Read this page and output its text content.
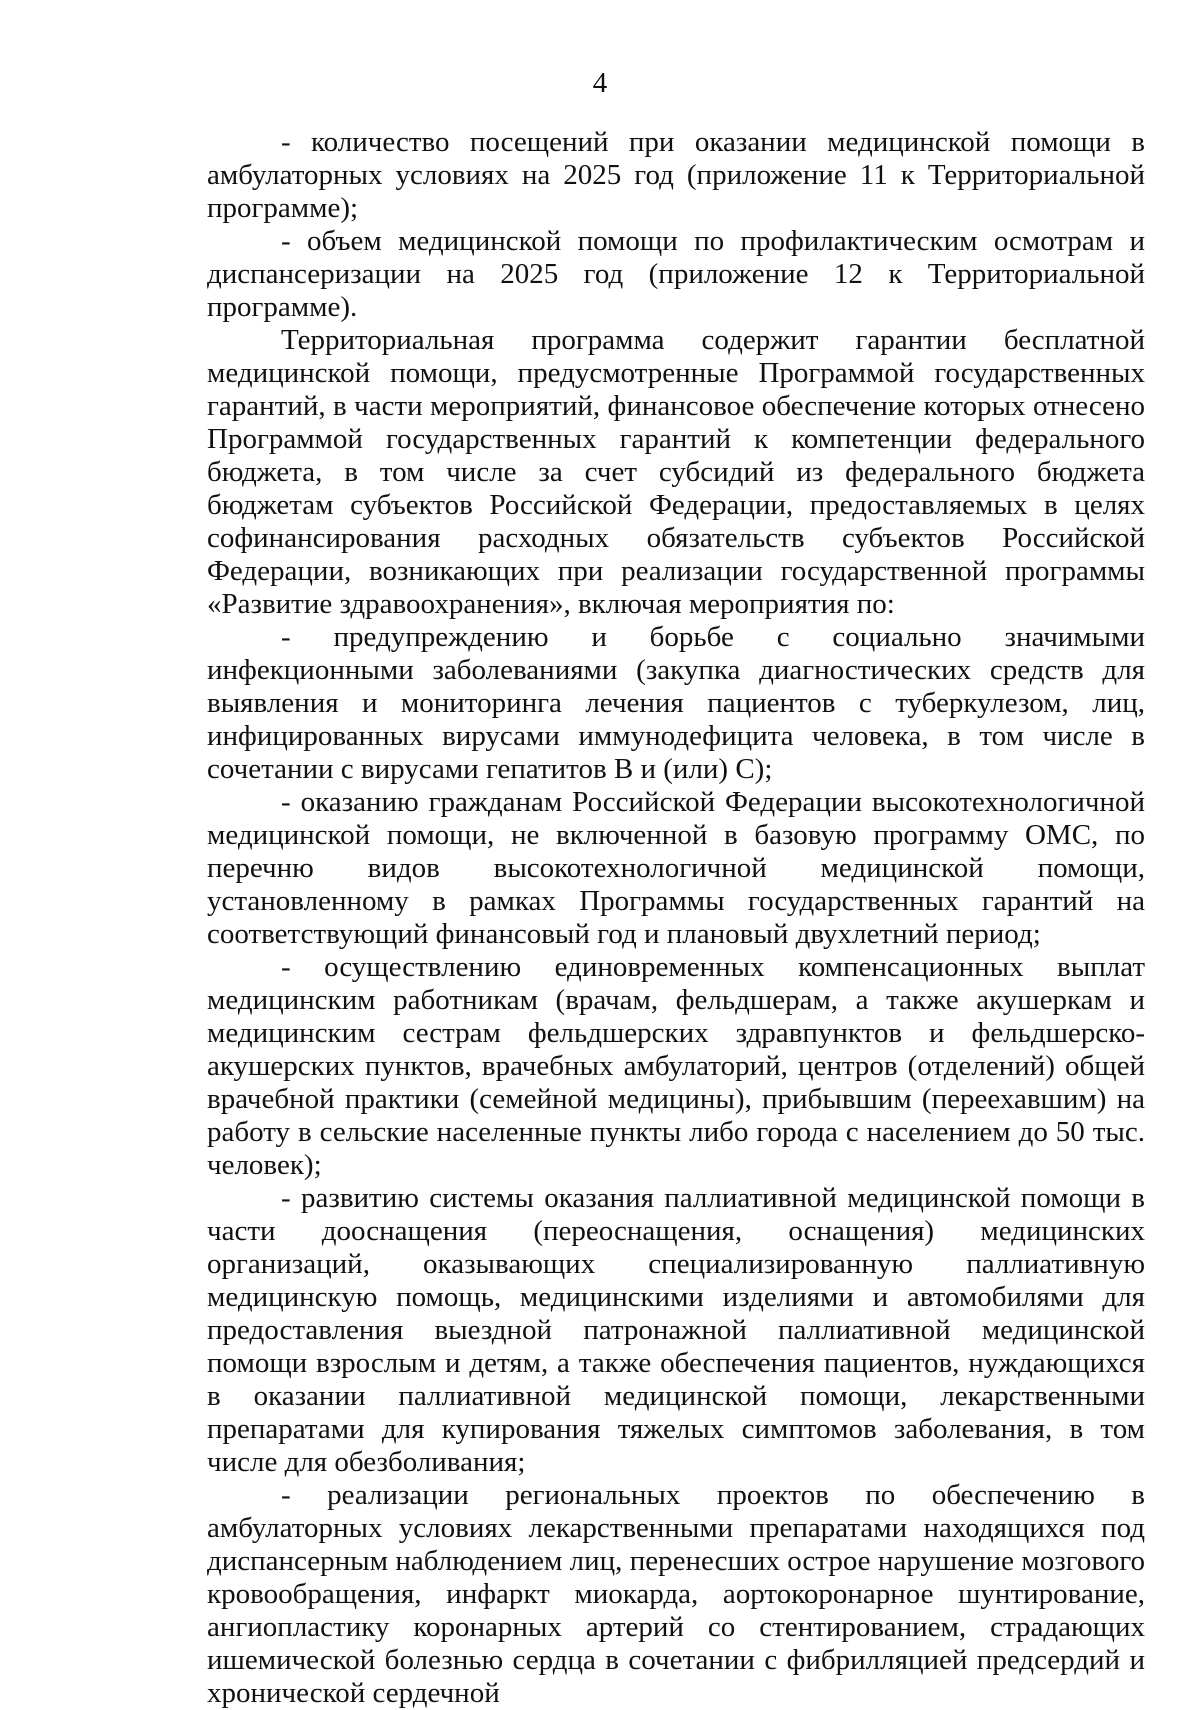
4

- количество посещений при оказании медицинской помощи в амбулаторных условиях на 2025 год (приложение 11 к Территориальной программе);

- объем медицинской помощи по профилактическим осмотрам и диспансеризации на 2025 год (приложение 12 к Территориальной программе).

Территориальная программа содержит гарантии бесплатной медицинской помощи, предусмотренные Программой государственных гарантий, в части мероприятий, финансовое обеспечение которых отнесено Программой государственных гарантий к компетенции федерального бюджета, в том числе за счет субсидий из федерального бюджета бюджетам субъектов Российской Федерации, предоставляемых в целях софинансирования расходных обязательств субъектов Российской Федерации, возникающих при реализации государственной программы «Развитие здравоохранения», включая мероприятия по:

- предупреждению и борьбе с социально значимыми инфекционными заболеваниями (закупка диагностических средств для выявления и мониторинга лечения пациентов с туберкулезом, лиц, инфицированных вирусами иммунодефицита человека, в том числе в сочетании с вирусами гепатитов В и (или) С);

- оказанию гражданам Российской Федерации высокотехнологичной медицинской помощи, не включенной в базовую программу ОМС, по перечню видов высокотехнологичной медицинской помощи, установленному в рамках Программы государственных гарантий на соответствующий финансовый год и плановый двухлетний период;

- осуществлению единовременных компенсационных выплат медицинским работникам (врачам, фельдшерам, а также акушеркам и медицинским сестрам фельдшерских здравпунктов и фельдшерско-акушерских пунктов, врачебных амбулаторий, центров (отделений) общей врачебной практики (семейной медицины), прибывшим (переехавшим) на работу в сельские населенные пункты либо города с населением до 50 тыс. человек);

- развитию системы оказания паллиативной медицинской помощи в части дооснащения (переоснащения, оснащения) медицинских организаций, оказывающих специализированную паллиативную медицинскую помощь, медицинскими изделиями и автомобилями для предоставления выездной патронажной паллиативной медицинской помощи взрослым и детям, а также обеспечения пациентов, нуждающихся в оказании паллиативной медицинской помощи, лекарственными препаратами для купирования тяжелых симптомов заболевания, в том числе для обезболивания;

- реализации региональных проектов по обеспечению в амбулаторных условиях лекарственными препаратами находящихся под диспансерным наблюдением лиц, перенесших острое нарушение мозгового кровообращения, инфаркт миокарда, аортокоронарное шунтирование, ангиопластику коронарных артерий со стентированием, страдающих ишемической болезнью сердца в сочетании с фибрилляцией предсердий и хронической сердечной
